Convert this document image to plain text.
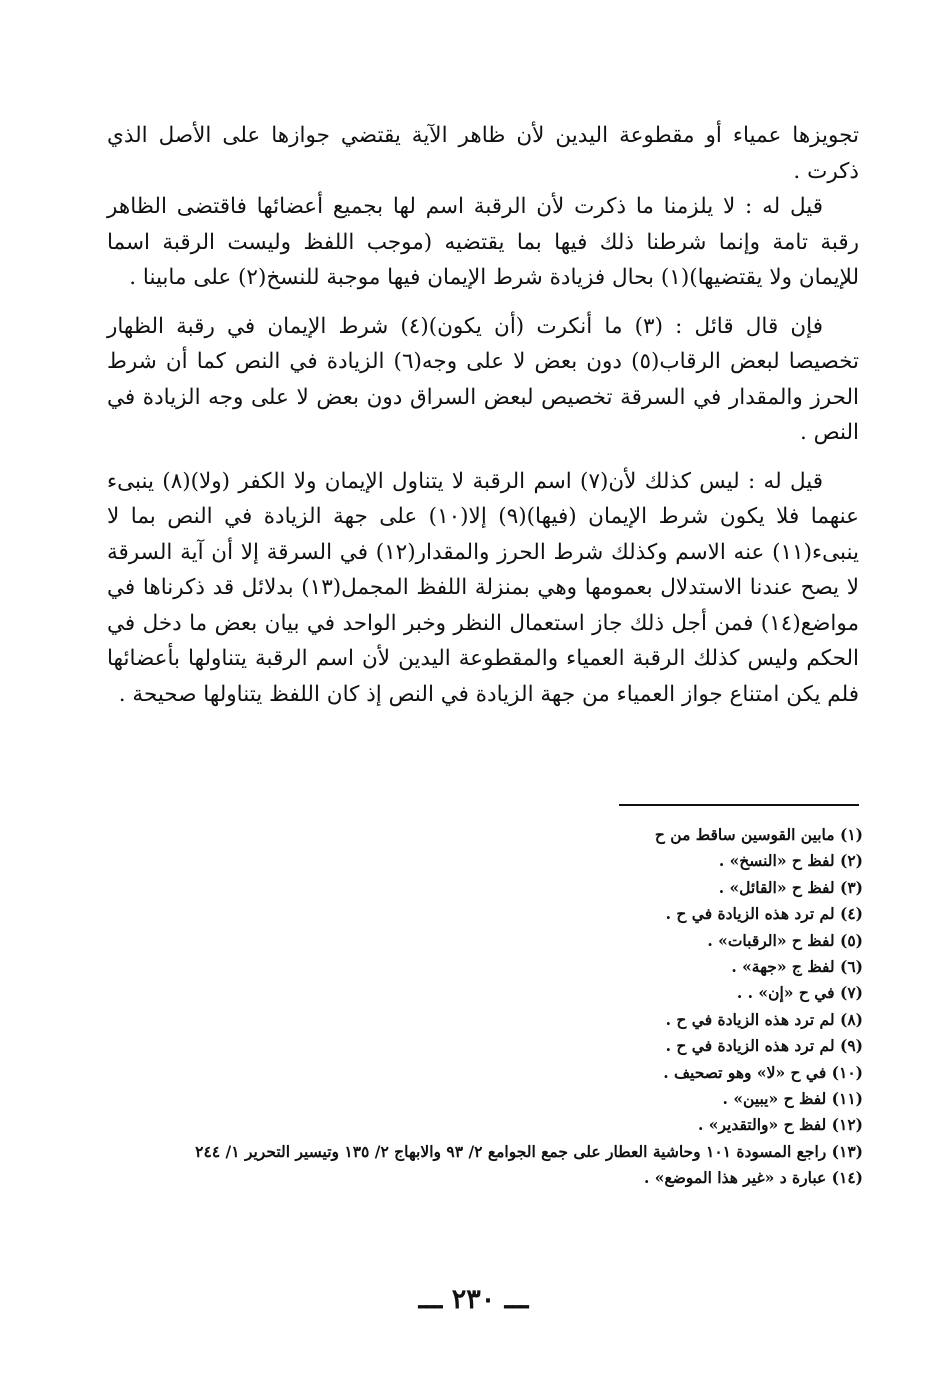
تجويزها عمياء أو مقطوعة اليدين لأن ظاهر الآية يقتضي جوازها على الأصل الذي ذكرت .

قيل له : لا يلزمنا ما ذكرت لأن الرقبة اسم لها بجميع أعضائها فاقتضى الظاهر رقبة تامة وإنما شرطنا ذلك فيها بما يقتضيه (موجب اللفظ وليست الرقبة اسما للإيمان ولا يقتضيها)(١) بحال فزيادة شرط الإيمان فيها موجبة للنسخ(٢) على مابينا .

فإن قال قائل : (٣) ما أنكرت (أن يكون)(٤) شرط الإيمان في رقبة الظهار تخصيصا لبعض الرقاب(٥) دون بعض لا على وجه(٦) الزيادة في النص كما أن شرط الحرز والمقدار في السرقة تخصيص لبعض السراق دون بعض لا على وجه الزيادة في النص .

قيل له : ليس كذلك لأن(٧) اسم الرقبة لا يتناول الإيمان ولا الكفر (ولا)(٨) ينبىء عنهما فلا يكون شرط الإيمان (فيها)(٩) إلا(١٠) على جهة الزيادة في النص بما لا ينبىء(١١) عنه الاسم وكذلك شرط الحرز والمقدار(١٢) في السرقة إلا أن آية السرقة لا يصح عندنا الاستدلال بعمومها وهي بمنزلة اللفظ المجمل(١٣) بدلائل قد ذكرناها في مواضع(١٤) فمن أجل ذلك جاز استعمال النظر وخبر الواحد في بيان بعض ما دخل في الحكم وليس كذلك الرقبة العمياء والمقطوعة اليدين لأن اسم الرقبة يتناولها بأعضائها فلم يكن امتناع جواز العمياء من جهة الزيادة في النص إذ كان اللفظ يتناولها صحيحة .

(١) مابين القوسين ساقط من ح
(٢) لفظ ح «النسخ» .
(٣) لفظ ح «القائل» .
(٤) لم ترد هذه الزيادة في ح .
(٥) لفظ ح «الرقبات» .
(٦) لفظ ج «جهة» .
(٧) في ح «إن» . .
(٨) لم ترد هذه الزيادة في ح .
(٩) لم ترد هذه الزيادة في ح .
(١٠) في ح «لا» وهو تصحيف .
(١١) لفظ ح «يبين» .
(١٢) لفظ ح «والتقدير» .
(١٣) راجع المسودة ١٠١ وحاشية العطار على جمع الجوامع ٢/ ٩٣ والابهاج ٢/ ١٣٥ وتيسير التحرير ١/ ٢٤٤
(١٤) عبارة د «غير هذا الموضع» .
ـــ ٢٣٠ ـــ
